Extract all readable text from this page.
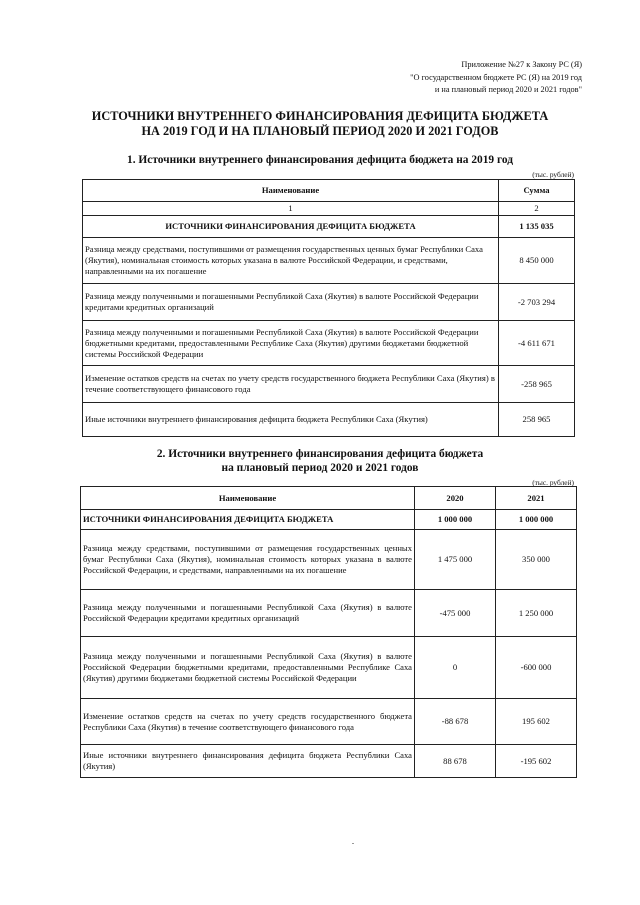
Приложение №27 к Закону РС (Я)
"О государственном бюджете РС (Я) на 2019 год
и на плановый период 2020 и 2021 годов"
ИСТОЧНИКИ ВНУТРЕННЕГО ФИНАНСИРОВАНИЯ ДЕФИЦИТА БЮДЖЕТА
НА 2019 ГОД И НА ПЛАНОВЫЙ ПЕРИОД 2020 И 2021 ГОДОВ
1. Источники внутреннего финансирования дефицита бюджета на 2019 год
(тыс. рублей)
Наименование	Сумма
1	2
ИСТОЧНИКИ ФИНАНСИРОВАНИЯ ДЕФИЦИТА БЮДЖЕТА	1 135 035
Разница между средствами, поступившими от размещения государственных ценных бумаг Республики Саха (Якутия), номинальная стоимость которых указана в валюте Российской Федерации, и средствами, направленными на их погашение	8 450 000
Разница между полученными и погашенными Республикой Саха (Якутия) в валюте Российской Федерации кредитами кредитных организаций	-2 703 294
Разница между полученными и погашенными Республикой Саха (Якутия) в валюте Российской Федерации бюджетными кредитами, предоставленными Республике Саха (Якутия) другими бюджетами бюджетной системы Российской Федерации	-4 611 671
Изменение остатков средств на счетах по учету средств государственного бюджета Республики Саха (Якутия) в течение соответствующего финансового года	-258 965
Иные источники внутреннего финансирования дефицита бюджета Республики Саха (Якутия)	258 965
2. Источники внутреннего финансирования дефицита бюджета
на плановый период 2020 и 2021 годов
(тыс. рублей)
Наименование	2020	2021
ИСТОЧНИКИ ФИНАНСИРОВАНИЯ ДЕФИЦИТА БЮДЖЕТА	1 000 000	1 000 000
Разница между средствами, поступившими от размещения государственных ценных бумаг Республики Саха (Якутия), номинальная стоимость которых указана в валюте Российской Федерации, и средствами, направленными на их погашение	1 475 000	350 000
Разница между полученными и погашенными Республикой Саха (Якутия) в валюте Российской Федерации кредитами кредитных организаций	-475 000	1 250 000
Разница между полученными и погашенными Республикой Саха (Якутия) в валюте Российской Федерации бюджетными кредитами, предоставленными Республике Саха (Якутия) другими бюджетами бюджетной системы Российской Федерации	0	-600 000
Изменение остатков средств на счетах по учету средств государственного бюджета Республики Саха (Якутия) в течение соответствующего финансового года	-88 678	195 602
Иные источники внутреннего финансирования дефицита бюджета Республики Саха (Якутия)	88 678	-195 602
